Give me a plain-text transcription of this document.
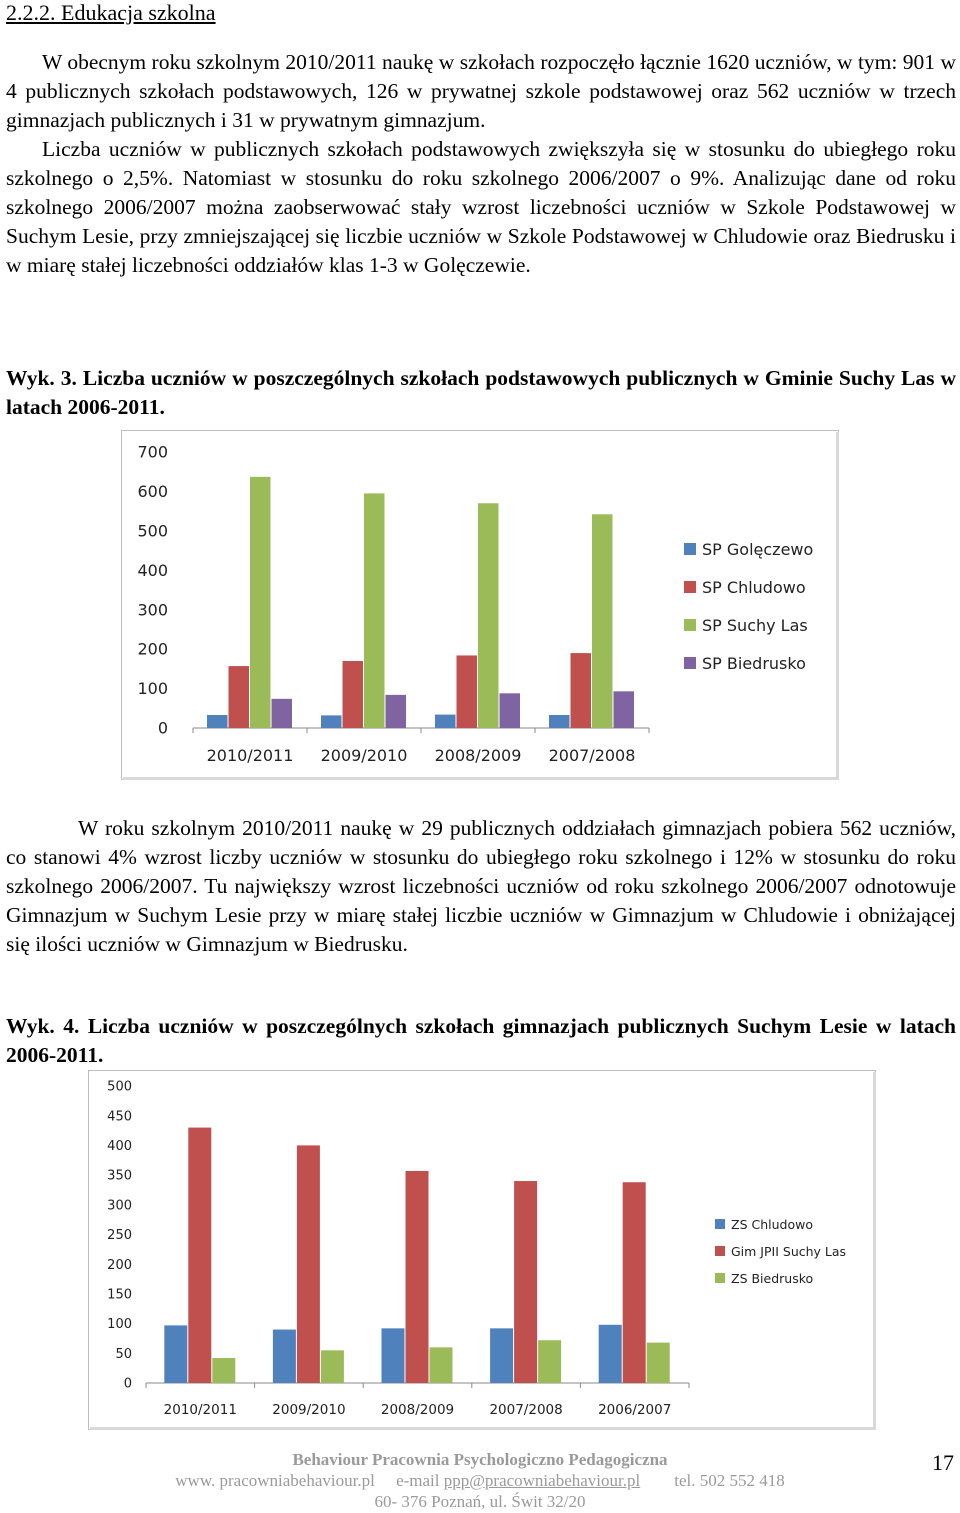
2.2.2. Edukacja szkolna

W obecnym roku szkolnym 2010/2011 naukę w szkołach rozpoczęło łącznie 1620 uczniów, w tym: 901 w 4 publicznych szkołach podstawowych, 126 w prywatnej szkole podstawowej oraz 562 uczniów w trzech gimnazjach publicznych i 31 w prywatnym gimnazjum.

Liczba uczniów w publicznych szkołach podstawowych zwiększyła się w stosunku do ubiegłego roku szkolnego o 2,5%. Natomiast w stosunku do roku szkolnego 2006/2007 o 9%. Analizując dane od roku szkolnego 2006/2007 można zaobserwować stały wzrost liczebności uczniów w Szkole Podstawowej w Suchym Lesie, przy zmniejszającej się liczbie uczniów w Szkole Podstawowej w Chludowie oraz Biedrusku i w miarę stałej liczebności oddziałów klas 1-3 w Golęczewie.

Wyk. 3. Liczba uczniów w poszczególnych szkołach podstawowych publicznych w Gminie Suchy Las w latach 2006-2011.
0
100
200
300
400
500
600
700
2010/2011 2009/2010 2008/2009 2007/2008
SP Golęczewo
SP Chludowo
SP Suchy Las
SP Biedrusko
W roku szkolnym 2010/2011 naukę w 29 publicznych oddziałach gimnazjach pobiera 562 uczniów, co stanowi 4% wzrost liczby uczniów w stosunku do ubiegłego roku szkolnego i 12% w stosunku do roku szkolnego 2006/2007. Tu największy wzrost liczebności uczniów od roku szkolnego 2006/2007 odnotowuje Gimnazjum w Suchym Lesie przy w miarę stałej liczbie uczniów w Gimnazjum w Chludowie i obniżającej się ilości uczniów w Gimnazjum w Biedrusku.
Wyk. 4. Liczba uczniów w poszczególnych szkołach gimnazjach publicznych Suchym Lesie w latach 2006-2011.
0
50
100
150
200
250
300
350
400
450
500
2010/2011	2009/2010	2008/2009	2007/2008	2006/2007
ZS Chludowo
Gim JPII Suchy Las
ZS Biedrusko
Behaviour Pracownia Psychologiczno Pedagogiczna
www. pracowniabehaviour.pl e-mail ppp@pracowniabehaviour.pl tel. 502 552 418
60- 376 Poznań, ul. Świt 32/20
17
